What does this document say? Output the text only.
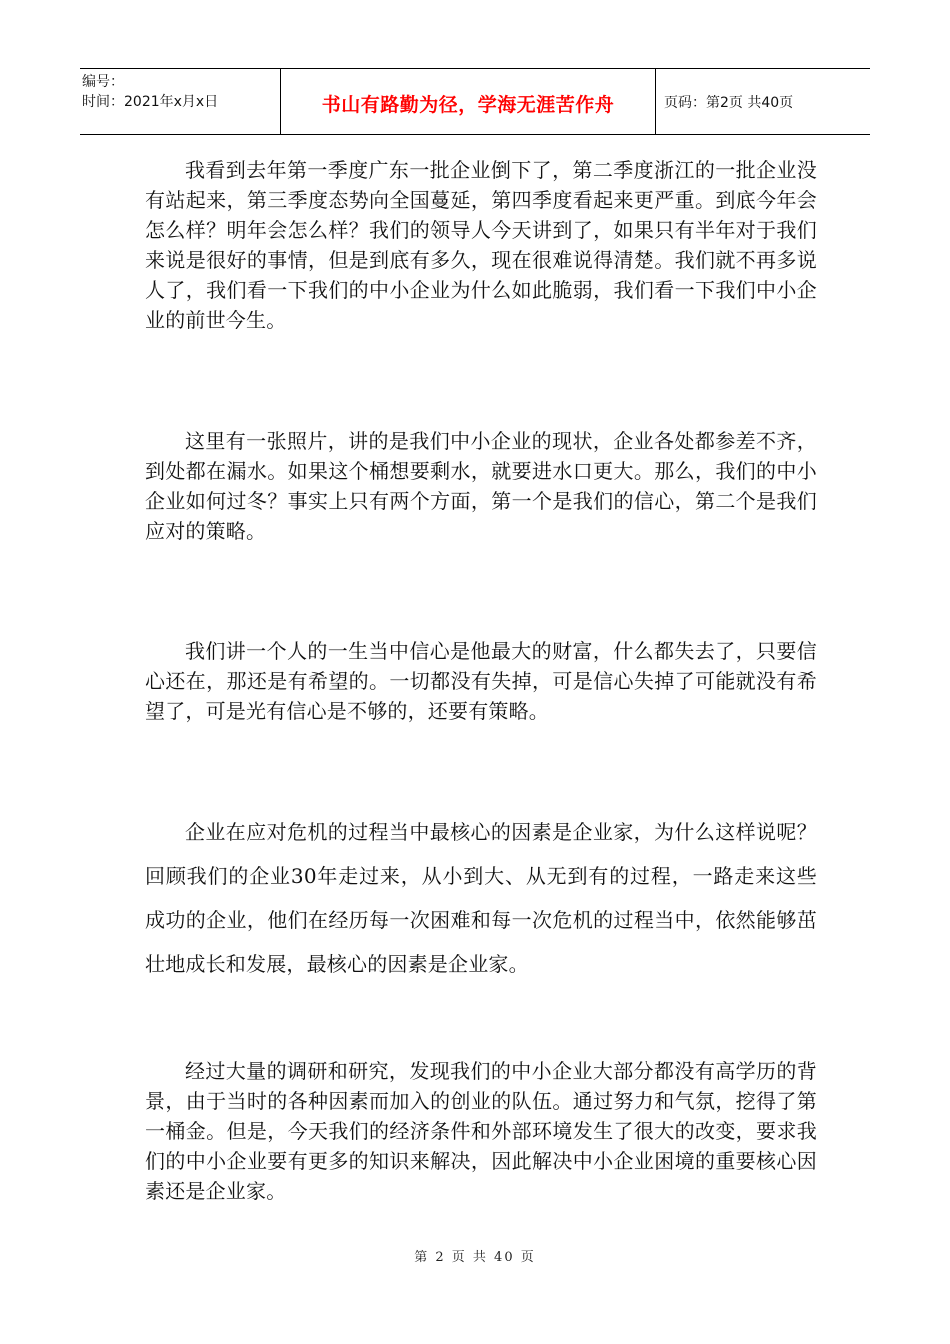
编号：
时间：2021年x月x日	书山有路勤为径，学海无涯苦作舟	页码：第2页 共40页

我看到去年第一季度广东一批企业倒下了，第二季度浙江的一批企业没有站起来，第三季度态势向全国蔓延，第四季度看起来更严重。到底今年会怎么样？明年会怎么样？我们的领导人今天讲到了，如果只有半年对于我们来说是很好的事情，但是到底有多久，现在很难说得清楚。我们就不再多说人了，我们看一下我们的中小企业为什么如此脆弱，我们看一下我们中小企业的前世今生。

这里有一张照片，讲的是我们中小企业的现状，企业各处都参差不齐，到处都在漏水。如果这个桶想要剩水，就要进水口更大。那么，我们的中小企业如何过冬？事实上只有两个方面，第一个是我们的信心，第二个是我们应对的策略。

我们讲一个人的一生当中信心是他最大的财富，什么都失去了，只要信心还在，那还是有希望的。一切都没有失掉，可是信心失掉了可能就没有希望了，可是光有信心是不够的，还要有策略。

企业在应对危机的过程当中最核心的因素是企业家，为什么这样说呢？回顾我们的企业30年走过来，从小到大、从无到有的过程，一路走来这些成功的企业，他们在经历每一次困难和每一次危机的过程当中，依然能够茁壮地成长和发展，最核心的因素是企业家。

经过大量的调研和研究，发现我们的中小企业大部分都没有高学历的背景，由于当时的各种因素而加入的创业的队伍。通过努力和气氛，挖得了第一桶金。但是，今天我们的经济条件和外部环境发生了很大的改变，要求我们的中小企业要有更多的知识来解决，因此解决中小企业困境的重要核心因素还是企业家。

第 2 页 共 40 页
